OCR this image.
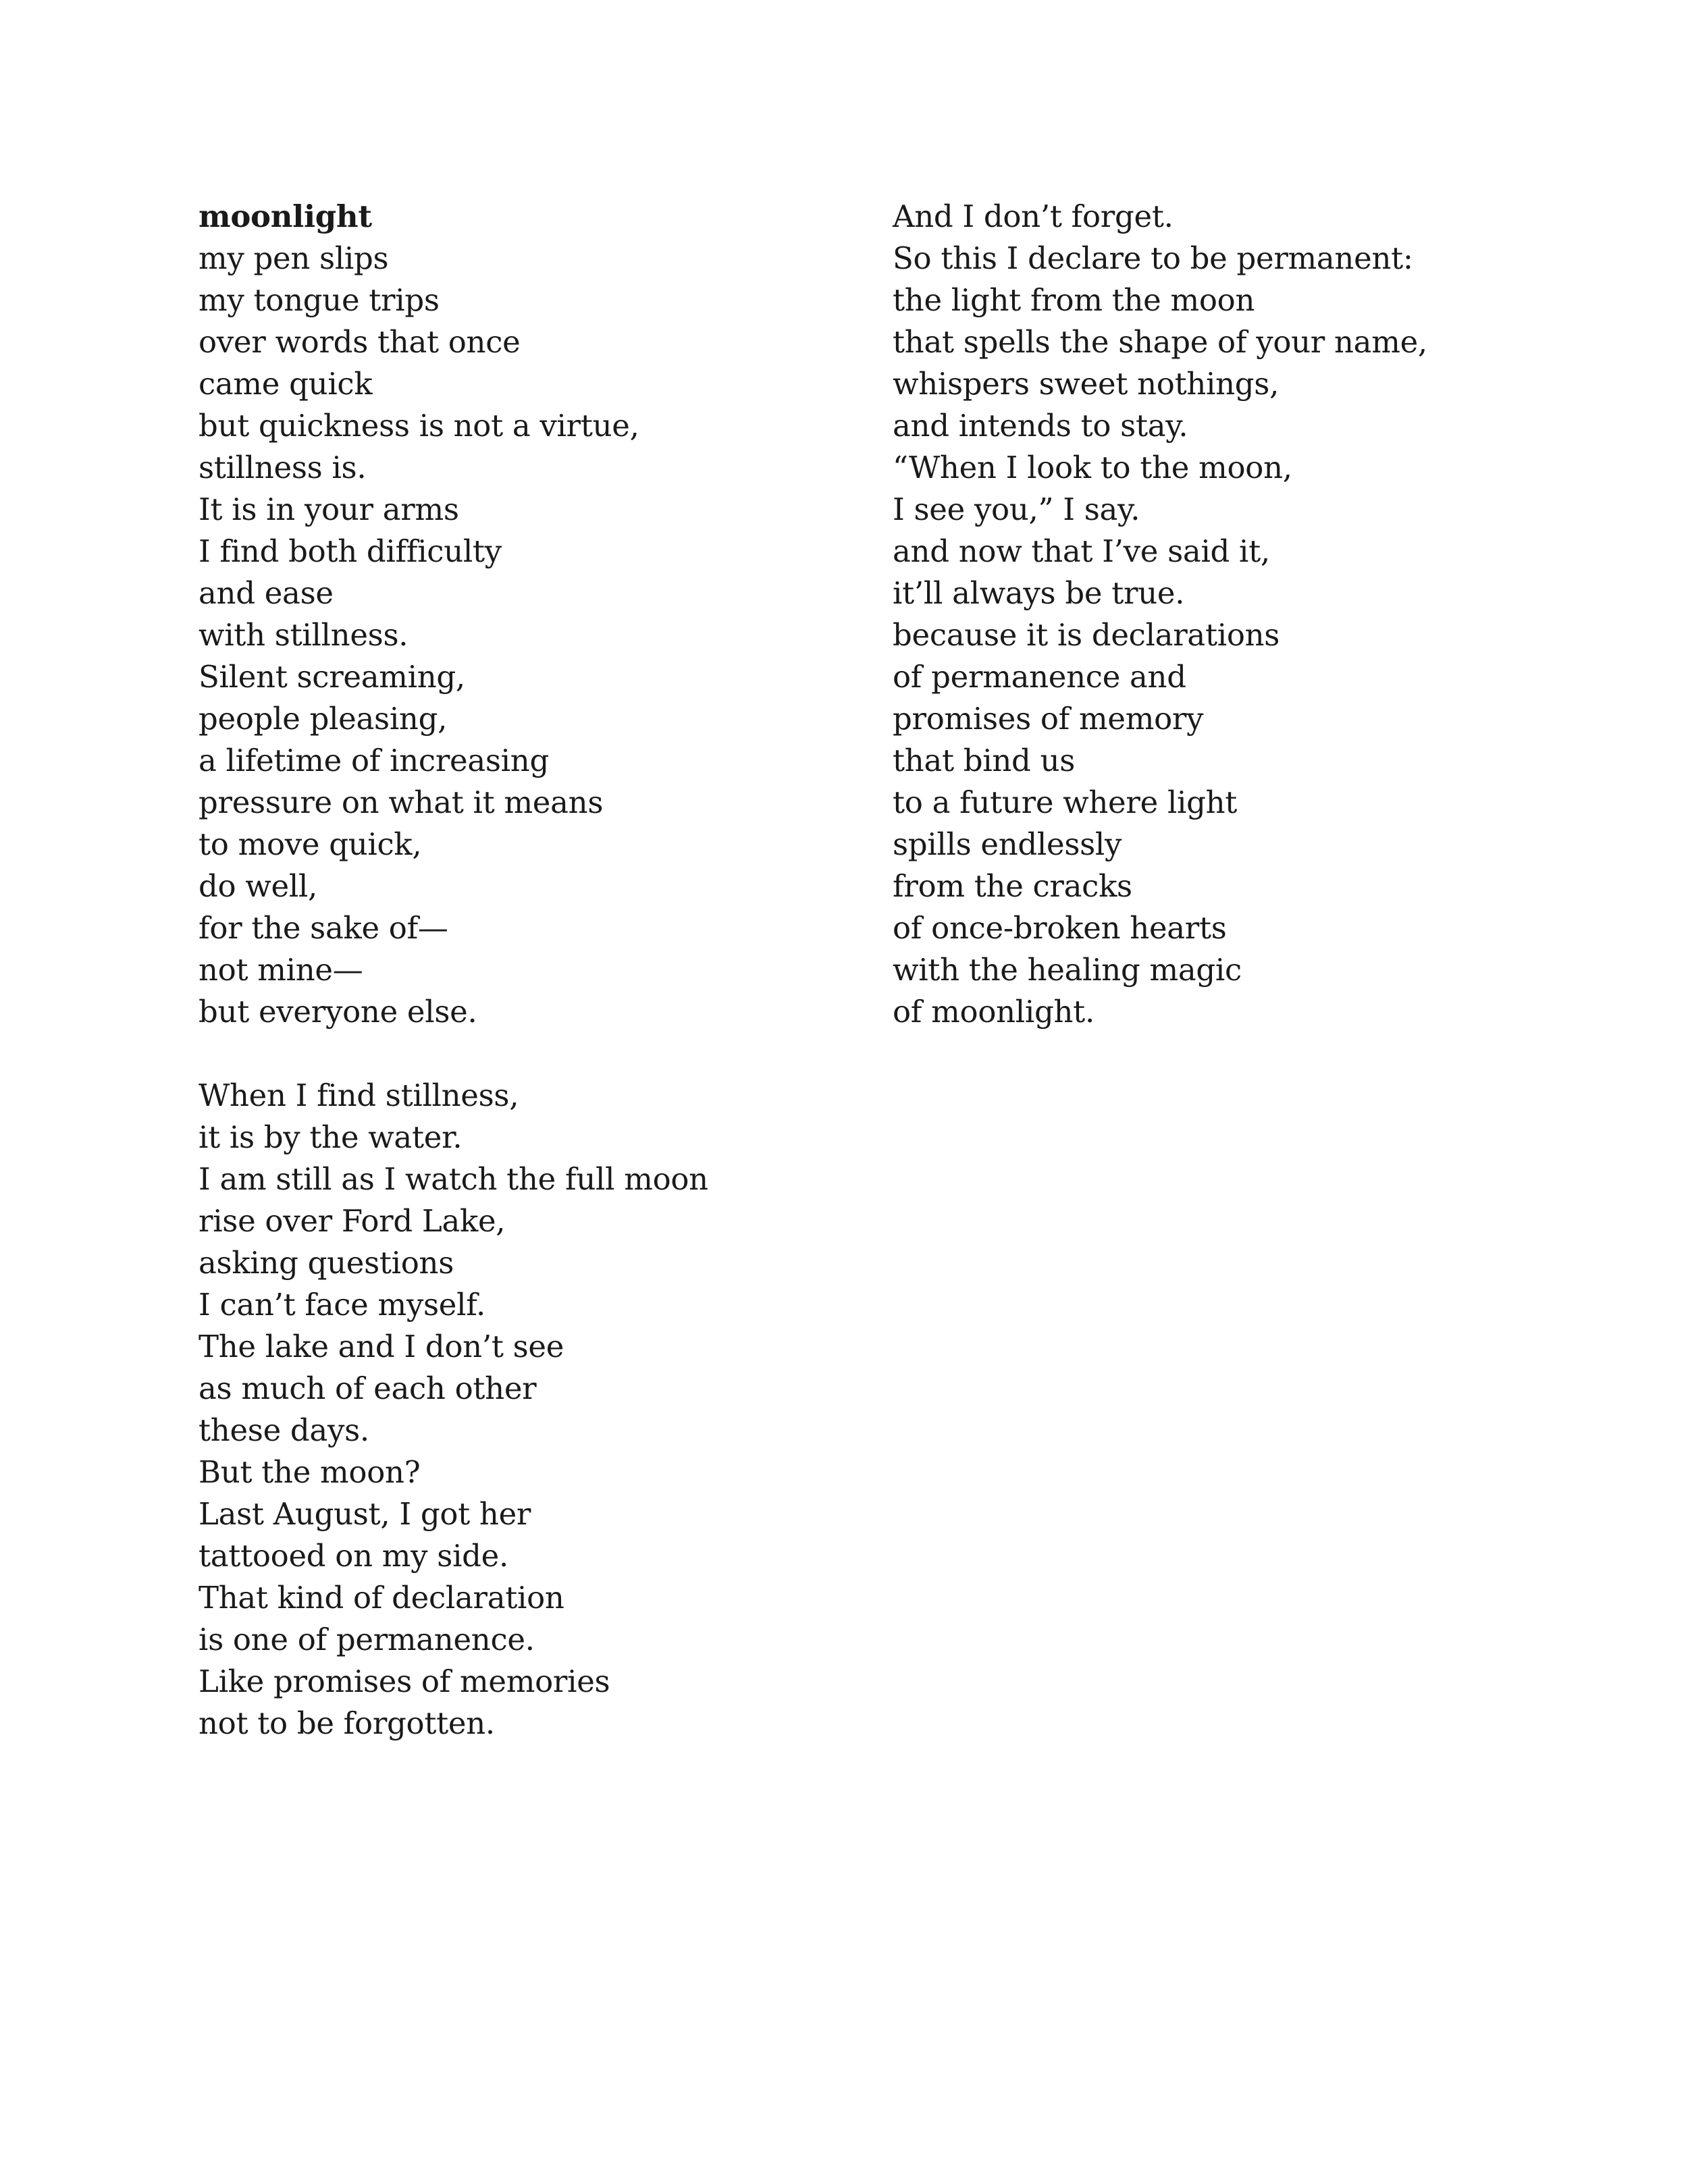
moonlight
my pen slips
my tongue trips
over words that once
came quick
but quickness is not a virtue,
stillness is.
It is in your arms
I find both difficulty
and ease
with stillness.
Silent screaming,
people pleasing,
a lifetime of increasing
pressure on what it means
to move quick,
do well,
for the sake of—
not mine—
but everyone else.
When I find stillness,
it is by the water.
I am still as I watch the full moon
rise over Ford Lake,
asking questions
I can’t face myself.
The lake and I don’t see
as much of each other
these days.
But the moon?
Last August, I got her
tattooed on my side.
That kind of declaration
is one of permanence.
Like promises of memories
not to be forgotten.
And I don’t forget.
So this I declare to be permanent:
the light from the moon
that spells the shape of your name,
whispers sweet nothings,
and intends to stay.
“When I look to the moon,
I see you,” I say.
and now that I’ve said it,
it’ll always be true.
because it is declarations
of permanence and
promises of memory
that bind us
to a future where light
spills endlessly
from the cracks
of once-broken hearts
with the healing magic
of moonlight.
